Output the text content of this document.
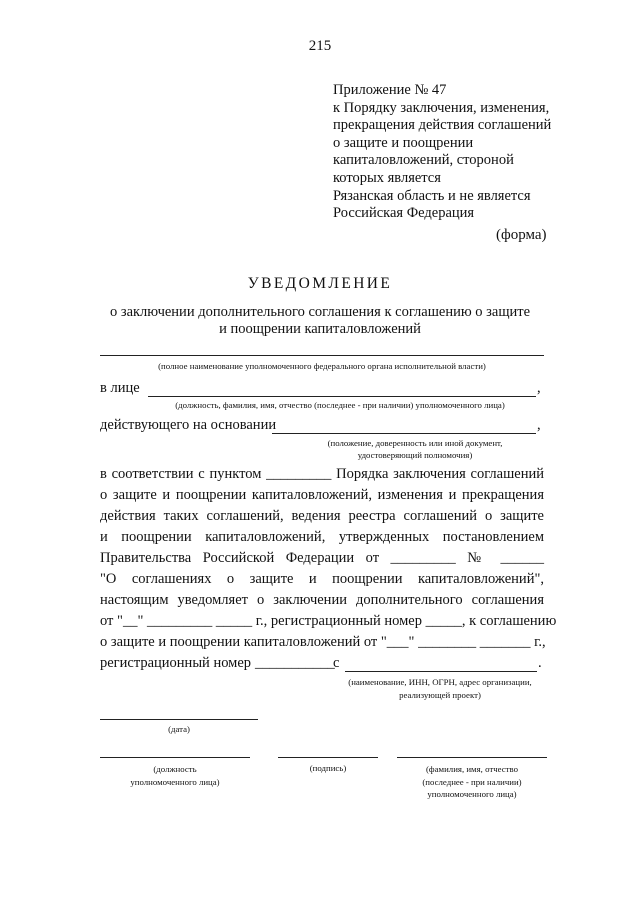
215
Приложение № 47
к Порядку заключения, изменения,
прекращения действия соглашений
о защите и поощрении
капиталовложений, стороной
которых является
Рязанская область и не является
Российская Федерация
(форма)
УВЕДОМЛЕНИЕ
о заключении дополнительного соглашения к соглашению о защите
и поощрении капиталовложений
(полное наименование уполномоченного федерального органа исполнительной власти)
в лице	,
(должность, фамилия, имя, отчество (последнее - при наличии) уполномоченного лица)
действующего на основании	,
(положение, доверенность или иной документ,
удостоверяющий полномочия)
в соответствии с пунктом _________ Порядка заключения соглашений
о защите и поощрении капиталовложений, изменения и прекращения
действия таких соглашений, ведения реестра соглашений о защите
и поощрении капиталовложений, утвержденных постановлением
Правительства Российской Федерации от _________ № ______
"О соглашениях о защите и поощрении капиталовложений",
настоящим уведомляет о заключении дополнительного соглашения
от "__" _________ _____ г., регистрационный номер _____, к соглашению
о защите и поощрении капиталовложений от "___" ________ _______ г.,
регистрационный номер ___________
с	.
(наименование, ИНН, ОГРН, адрес организации,
реализующей проект)
(дата)
(должность
уполномоченного лица)
(подпись)	(фамилия, имя, отчество
(последнее - при наличии)
уполномоченного лица)
